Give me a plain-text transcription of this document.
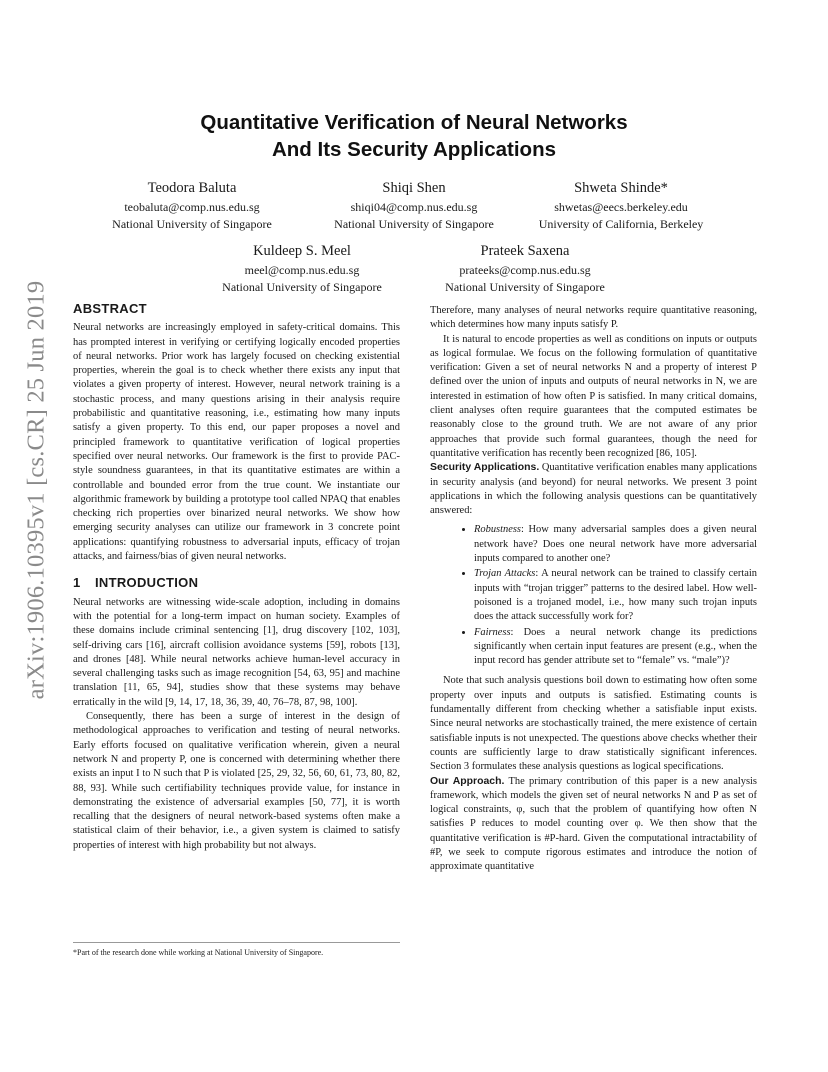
arXiv:1906.10395v1 [cs.CR] 25 Jun 2019
Quantitative Verification of Neural Networks
And Its Security Applications
Teodora Baluta
teobaluta@comp.nus.edu.sg
National University of Singapore
Shiqi Shen
shiqi04@comp.nus.edu.sg
National University of Singapore
Shweta Shinde*
shwetas@eecs.berkeley.edu
University of California, Berkeley
Kuldeep S. Meel
meel@comp.nus.edu.sg
National University of Singapore
Prateek Saxena
prateeks@comp.nus.edu.sg
National University of Singapore
ABSTRACT

Neural networks are increasingly employed in safety-critical domains. This has prompted interest in verifying or certifying logically encoded properties of neural networks. Prior work has largely focused on checking existential properties, wherein the goal is to check whether there exists any input that violates a given property of interest. However, neural network training is a stochastic process, and many questions arising in their analysis require probabilistic and quantitative reasoning, i.e., estimating how many inputs satisfy a given property. To this end, our paper proposes a novel and principled framework to quantitative verification of logical properties specified over neural networks. Our framework is the first to provide PAC-style soundness guarantees, in that its quantitative estimates are within a controllable and bounded error from the true count. We instantiate our algorithmic framework by building a prototype tool called NPAQ that enables checking rich properties over binarized neural networks. We show how emerging security analyses can utilize our framework in 3 concrete point applications: quantifying robustness to adversarial inputs, efficacy of trojan attacks, and fairness/bias of given neural networks.

1 INTRODUCTION

Neural networks are witnessing wide-scale adoption, including in domains with the potential for a long-term impact on human society. Examples of these domains include criminal sentencing [1], drug discovery [102, 103], self-driving cars [16], aircraft collision avoidance systems [59], robots [13], and drones [48]. While neural networks achieve human-level accuracy in several challenging tasks such as image recognition [54, 63, 95] and machine translation [11, 65, 94], studies show that these systems may behave erratically in the wild [9, 14, 17, 18, 36, 39, 40, 76–78, 87, 98, 100].

Consequently, there has been a surge of interest in the design of methodological approaches to verification and testing of neural networks. Early efforts focused on qualitative verification wherein, given a neural network N and property P, one is concerned with determining whether there exists an input I to N such that P is violated [25, 29, 32, 56, 60, 61, 73, 80, 82, 88, 93]. While such certifiability techniques provide value, for instance in demonstrating the existence of adversarial examples [50, 77], it is worth recalling that the designers of neural network-based systems often make a statistical claim of their behavior, i.e., a given system is claimed to satisfy properties of interest with high probability but not always.

*Part of the research done while working at National University of Singapore.

Therefore, many analyses of neural networks require quantitative reasoning, which determines how many inputs satisfy P.

It is natural to encode properties as well as conditions on inputs or outputs as logical formulae. We focus on the following formulation of quantitative verification: Given a set of neural networks N and a property of interest P defined over the union of inputs and outputs of neural networks in N, we are interested in estimation of how often P is satisfied. In many critical domains, client analyses often require guarantees that the computed estimates be reasonably close to the ground truth. We are not aware of any prior approaches that provide such formal guarantees, though the need for quantitative verification has recently been recognized [86, 105].

Security Applications. Quantitative verification enables many applications in security analysis (and beyond) for neural networks. We present 3 point applications in which the following analysis questions can be quantitatively answered:

• Robustness: How many adversarial samples does a given neural network have? Does one neural network have more adversarial inputs compared to another one?
• Trojan Attacks: A neural network can be trained to classify certain inputs with “trojan trigger” patterns to the desired label. How well-poisoned is a trojaned model, i.e., how many such trojan inputs does the attack successfully work for?
• Fairness: Does a neural network change its predictions significantly when certain input features are present (e.g., when the input record has gender attribute set to “female” vs. “male”)?

Note that such analysis questions boil down to estimating how often some property over inputs and outputs is satisfied. Estimating counts is fundamentally different from checking whether a satisfiable input exists. Since neural networks are stochastically trained, the mere existence of certain satisfiable inputs is not unexpected. The questions above checks whether their counts are sufficiently large to draw statistically significant inferences. Section 3 formulates these analysis questions as logical specifications.

Our Approach. The primary contribution of this paper is a new analysis framework, which models the given set of neural networks N and P as set of logical constraints, φ, such that the problem of quantifying how often N satisfies P reduces to model counting over φ. We then show that the quantitative verification is #P-hard. Given the computational intractability of #P, we seek to compute rigorous estimates and introduce the notion of approximate quantitative
